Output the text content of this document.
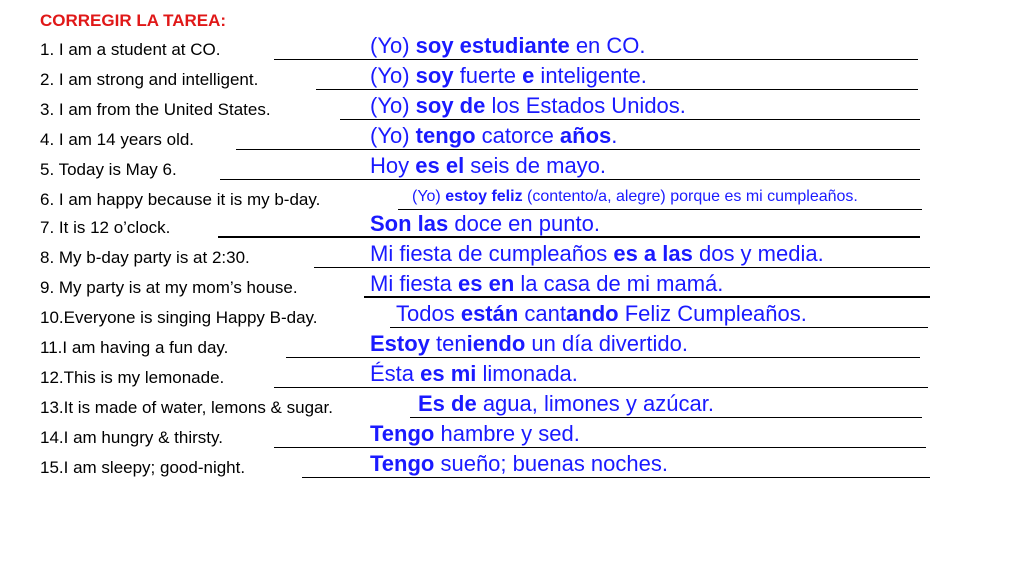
CORREGIR LA TAREA:
1. I am a student at CO.	(Yo) soy estudiante en CO.
2. I am strong and intelligent.	(Yo) soy fuerte e inteligente.
3. I am from the United States.	(Yo) soy de los Estados Unidos.
4. I am 14 years old.	(Yo) tengo catorce años.
5. Today is May 6.	Hoy es el seis de mayo.
6. I am happy because it is my b-day.	(Yo) estoy feliz (contento/a, alegre) porque es mi cumpleaños.
7. It is 12 o’clock.	Son las doce en punto.
8. My b-day party is at 2:30.	Mi fiesta de cumpleaños es a las dos y media.
9. My party is at my mom’s house.	Mi fiesta es en la casa de mi mamá.
10.Everyone is singing Happy B-day.	Todos están cantando Feliz Cumpleaños.
11.I am having a fun day.	Estoy teniendo un día divertido.
12.This is my lemonade.	Ésta es mi limonada.
13.It is made of water, lemons & sugar.	Es de agua, limones y azúcar.
14.I am hungry & thirsty.	Tengo hambre y sed.
15.I am sleepy; good-night.	Tengo sueño; buenas noches.
